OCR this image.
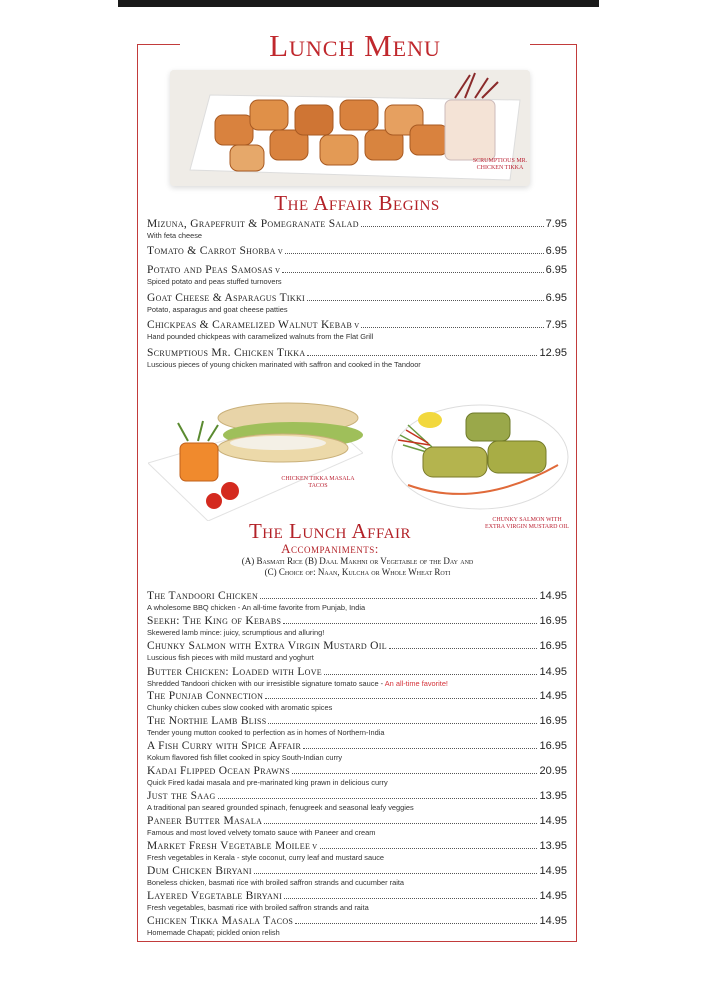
Lunch Menu
SCRUMPTIOUS MR. CHICKEN TIKKA
The Affair Begins
Mizuna, Grapefruit & Pomegranate Salad	7.95
With feta cheese
Tomato & Carrot Shorba V	6.95
Potato and Peas Samosas V	6.95
Spiced potato and peas stuffed turnovers
Goat Cheese & Asparagus Tikki	6.95
Potato, asparagus and goat cheese patties
Chickpeas & Caramelized Walnut Kebab V	7.95
Hand pounded chickpeas with caramelized walnuts from the Flat Grill
Scrumptious Mr. Chicken Tikka	12.95
Luscious pieces of young chicken marinated with saffron and cooked in the Tandoor
CHICKEN TIKKA MASALA TACOS
CHUNKY SALMON WITH EXTRA VIRGIN MUSTARD OIL
The Lunch Affair
Accompaniments:
(A) Basmati Rice (B) Daal Makhni or Vegetable of the Day and
(C) Choice of: Naan, Kulcha or Whole Wheat Roti
The Tandoori Chicken	14.95
A wholesome BBQ chicken - An all-time favorite from Punjab, India
Seekh: The King of Kebabs	16.95
Skewered lamb mince: juicy, scrumptious and alluring!
Chunky Salmon with Extra Virgin Mustard Oil	16.95
Luscious fish pieces with mild mustard and yoghurt
Butter Chicken: Loaded with Love	14.95
Shredded Tandoori chicken with our irresistible signature tomato sauce - An all-time favorite!
The Punjab Connection	14.95
Chunky chicken cubes slow cooked with aromatic spices
The Northie Lamb Bliss	16.95
Tender young mutton cooked to perfection as in homes of Northern-India
A Fish Curry with Spice Affair	16.95
Kokum flavored fish fillet cooked in spicy South-Indian curry
Kadai Flipped Ocean Prawns	20.95
Quick Fired kadai masala and pre-marinated king prawn in delicious curry
Just the Saag	13.95
A traditional pan seared grounded spinach, fenugreek and seasonal leafy veggies
Paneer Butter Masala	14.95
Famous and most loved velvety tomato sauce with Paneer and cream
Market Fresh Vegetable Moilee V	13.95
Fresh vegetables in Kerala - style coconut, curry leaf and mustard sauce
Dum Chicken Biryani	14.95
Boneless chicken, basmati rice with broiled saffron strands and cucumber raita
Layered Vegetable Biryani	14.95
Fresh vegetables, basmati rice with broiled saffron strands and raita
Chicken Tikka Masala Tacos	14.95
Homemade Chapati; pickled onion relish
